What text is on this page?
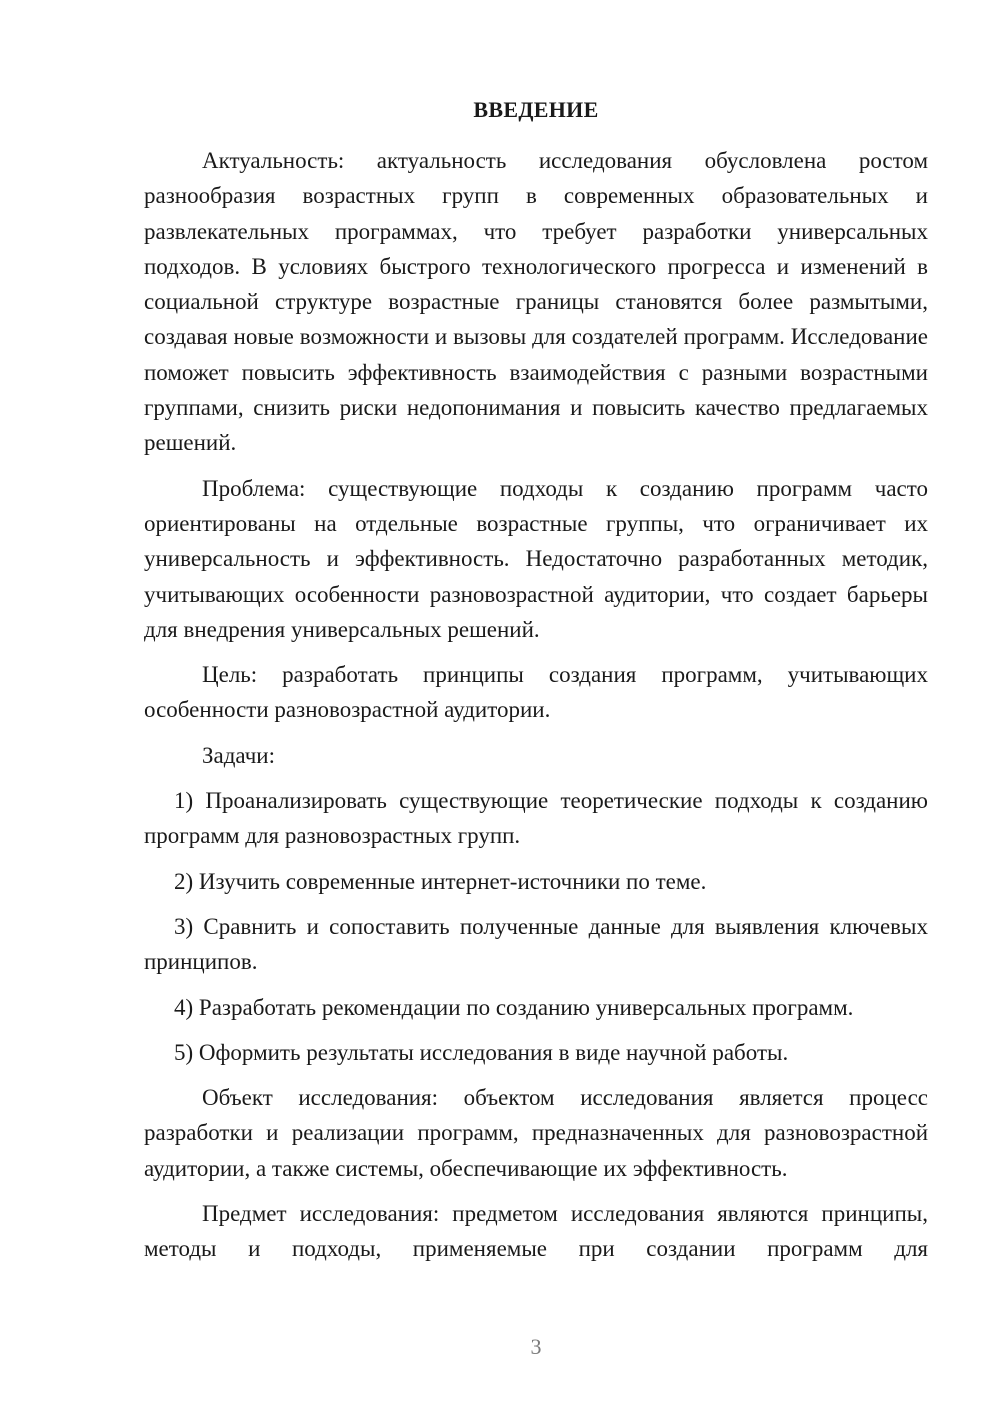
ВВЕДЕНИЕ

Актуальность: актуальность исследования обусловлена ростом разнообразия возрастных групп в современных образовательных и развлекательных программах, что требует разработки универсальных подходов. В условиях быстрого технологического прогресса и изменений в социальной структуре возрастные границы становятся более размытыми, создавая новые возможности и вызовы для создателей программ. Исследование поможет повысить эффективность взаимодействия с разными возрастными группами, снизить риски недопонимания и повысить качество предлагаемых решений.

Проблема: существующие подходы к созданию программ часто ориентированы на отдельные возрастные группы, что ограничивает их универсальность и эффективность. Недостаточно разработанных методик, учитывающих особенности разновозрастной аудитории, что создает барьеры для внедрения универсальных решений.

Цель: разработать принципы создания программ, учитывающих особенности разновозрастной аудитории.

Задачи:

1) Проанализировать существующие теоретические подходы к созданию программ для разновозрастных групп.

2) Изучить современные интернет-источники по теме.

3) Сравнить и сопоставить полученные данные для выявления ключевых принципов.

4) Разработать рекомендации по созданию универсальных программ.

5) Оформить результаты исследования в виде научной работы.

Объект исследования: объектом исследования является процесс разработки и реализации программ, предназначенных для разновозрастной аудитории, а также системы, обеспечивающие их эффективность.

Предмет исследования: предметом исследования являются принципы, методы и подходы, применяемые при создании программ для

3
